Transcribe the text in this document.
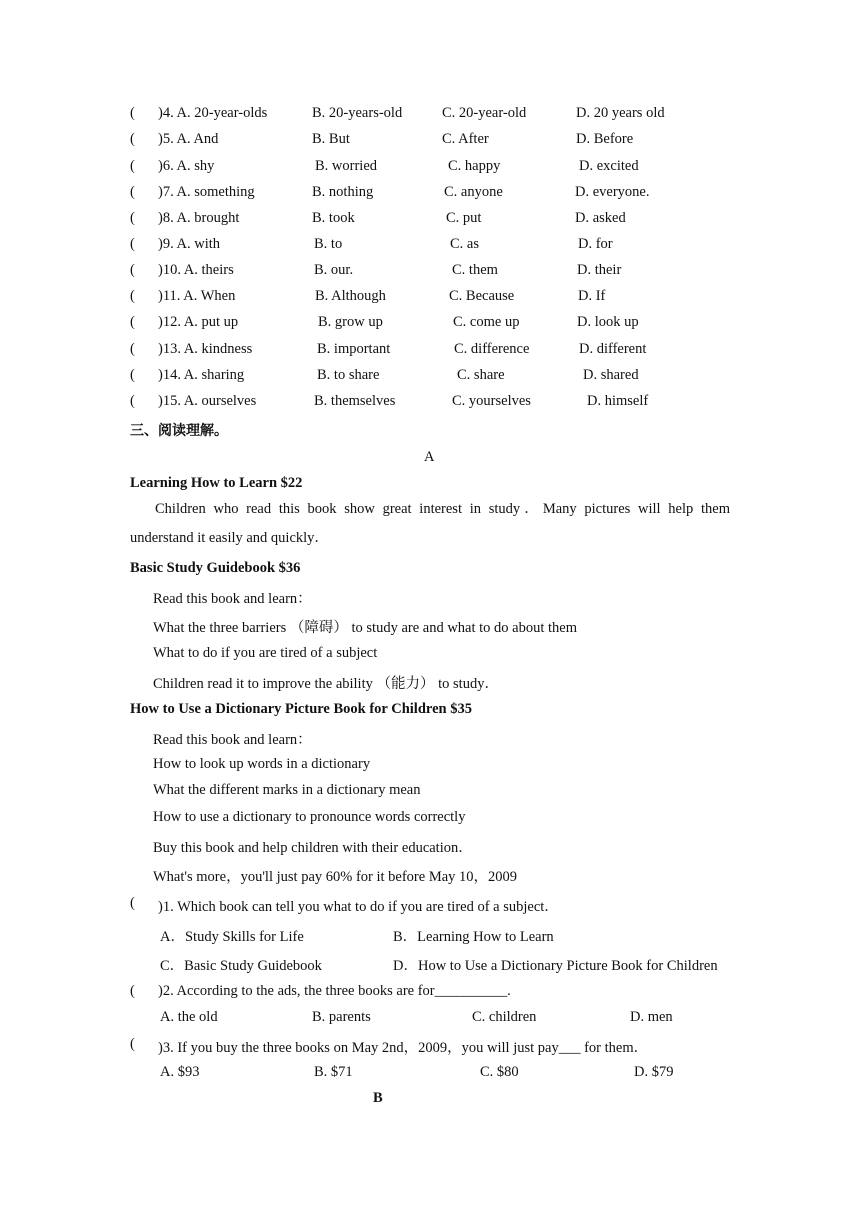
( )4. A. 20-year-olds	B. 20-years-old	C. 20-year-old	D. 20 years old
( )5. A. And	B. But	C. After	D. Before
( )6. A. shy	B. worried	C. happy	D. excited
( )7. A. something	B. nothing	C. anyone	D. everyone.
( )8. A. brought	B. took	C. put	D. asked
( )9. A. with	B. to	C. as	D. for
( )10. A. theirs	B. our.	C. them	D. their
( )11. A. When	B. Although	C. Because	D. If
( )12. A. put up	B. grow up	C. come up	D. look up
( )13. A. kindness	B. important	C. difference	D. different
( )14. A. sharing	B. to share	C. share	D. shared
( )15. A. ourselves	B. themselves	C. yourselves	D. himself
三、阅读理解。
A
Learning How to Learn $22
Children who read this book show great interest in study．Many pictures will help them understand it easily and quickly．
Basic Study Guidebook $36
Read this book and learn：
What the three barriers （障碍） to study are and what to do about them
What to do if you are tired of a subject
Children read it to improve the ability （能力） to study．
How to Use a Dictionary Picture Book for Children $35
Read this book and learn：
How to look up words in a dictionary
What the different marks in a dictionary mean
How to use a dictionary to pronounce words correctly
Buy this book and help children with their education．
What's more，you'll just pay 60% for it before May 10，2009
( )1. Which book can tell you what to do if you are tired of a subject．
A．Study Skills for Life	B．Learning How to Learn
C．Basic Study Guidebook	D．How to Use a Dictionary Picture Book for Children
( )2. According to the ads, the three books are for__________.
A. the old	B. parents	C. children	D. men
( )3. If you buy the three books on May 2nd，2009，you will just pay___ for them．
A. $93	B. $71	C. $80	D. $79
B
